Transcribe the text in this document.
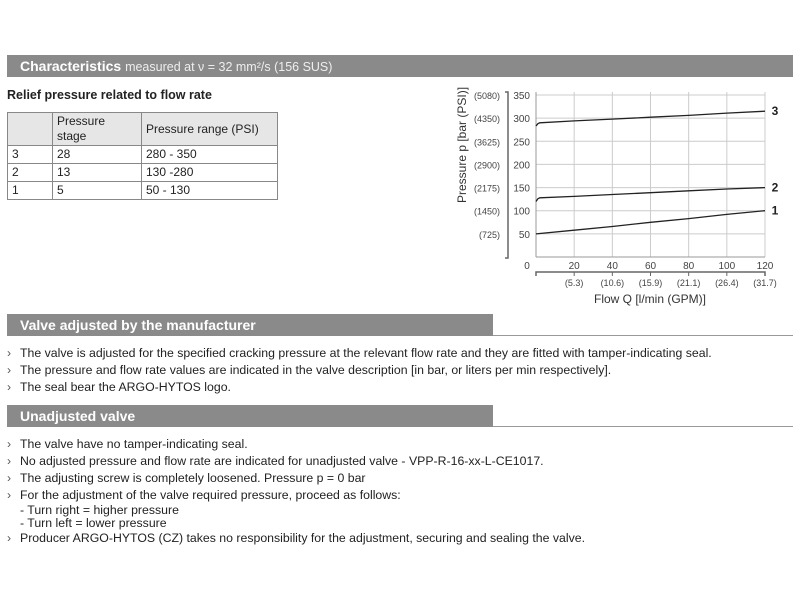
Characteristics measured at ν = 32 mm²/s (156 SUS)
Relief pressure related to flow rate
	Pressure stage	Pressure range (PSI)
3	28	280 - 350
2	13	130 -280
1	5	50 - 130
50
(725)
100
(1450)
150
(2175)
200
(2900)
250
(3625)
300
(4350)
350
(5080)
0	20	40	60	80 100 120
(5.3) (10.6) (15.9) (21.1) (26.4) (31.7)
Flow Q [l/min (GPM)]
Pressure p [bar (PSI)]
1
2
3
Valve adjusted by the manufacturer
› The valve is adjusted for the specified cracking pressure at the relevant flow rate and they are fitted with tamper-indicating seal.
› The pressure and flow rate values are indicated in the valve description [in bar, or liters per min respectively].
› The seal bear the ARGO-HYTOS logo.
Unadjusted valve
› The valve have no tamper-indicating seal.
› No adjusted pressure and flow rate are indicated for unadjusted valve - VPP-R-16-xx-L-CE1017.
› The adjusting screw is completely loosened. Pressure p = 0 bar
› For the adjustment of the valve required pressure, proceed as follows:
- Turn right = higher pressure
- Turn left = lower pressure
› Producer ARGO-HYTOS (CZ) takes no responsibility for the adjustment, securing and sealing the valve.
